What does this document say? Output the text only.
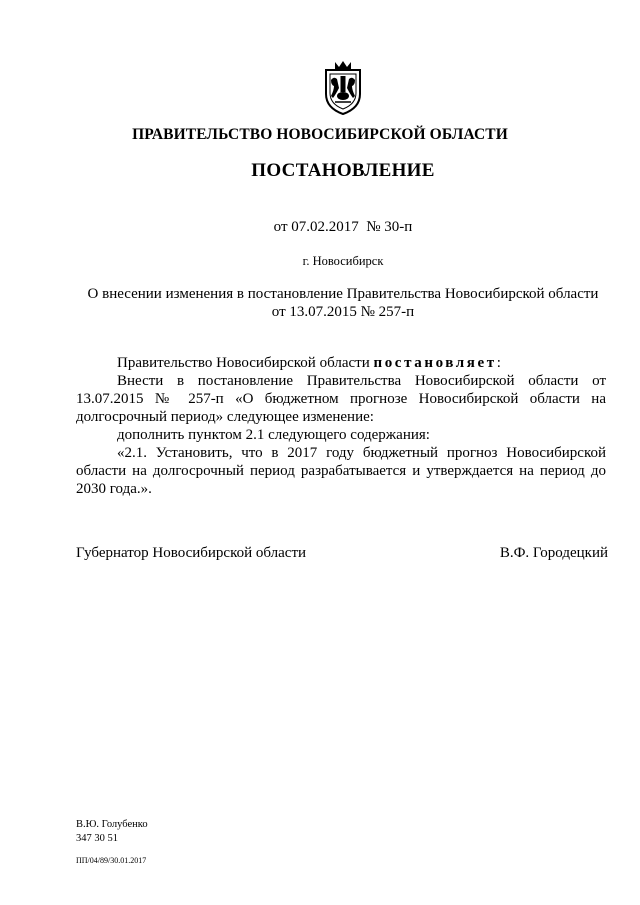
ПРАВИТЕЛЬСТВО НОВОСИБИРСКОЙ ОБЛАСТИ
ПОСТАНОВЛЕНИЕ
от 07.02.2017  № 30-п
г. Новосибирск
О внесении изменения в постановление Правительства Новосибирской области
от 13.07.2015 № 257-п

Правительство Новосибирской области постановляет:

Внести в постановление Правительства Новосибирской области от 13.07.2015 № 257-п «О бюджетном прогнозе Новосибирской области на долгосрочный период» следующее изменение:

дополнить пунктом 2.1 следующего содержания:

«2.1. Установить, что в 2017 году бюджетный прогноз Новосибирской области на долгосрочный период разрабатывается и утверждается на период до 2030 года.».

Губернатор Новосибирской области	В.Ф. Городецкий
В.Ю. Голубенко
347 30 51
ПП/04/89/30.01.2017
